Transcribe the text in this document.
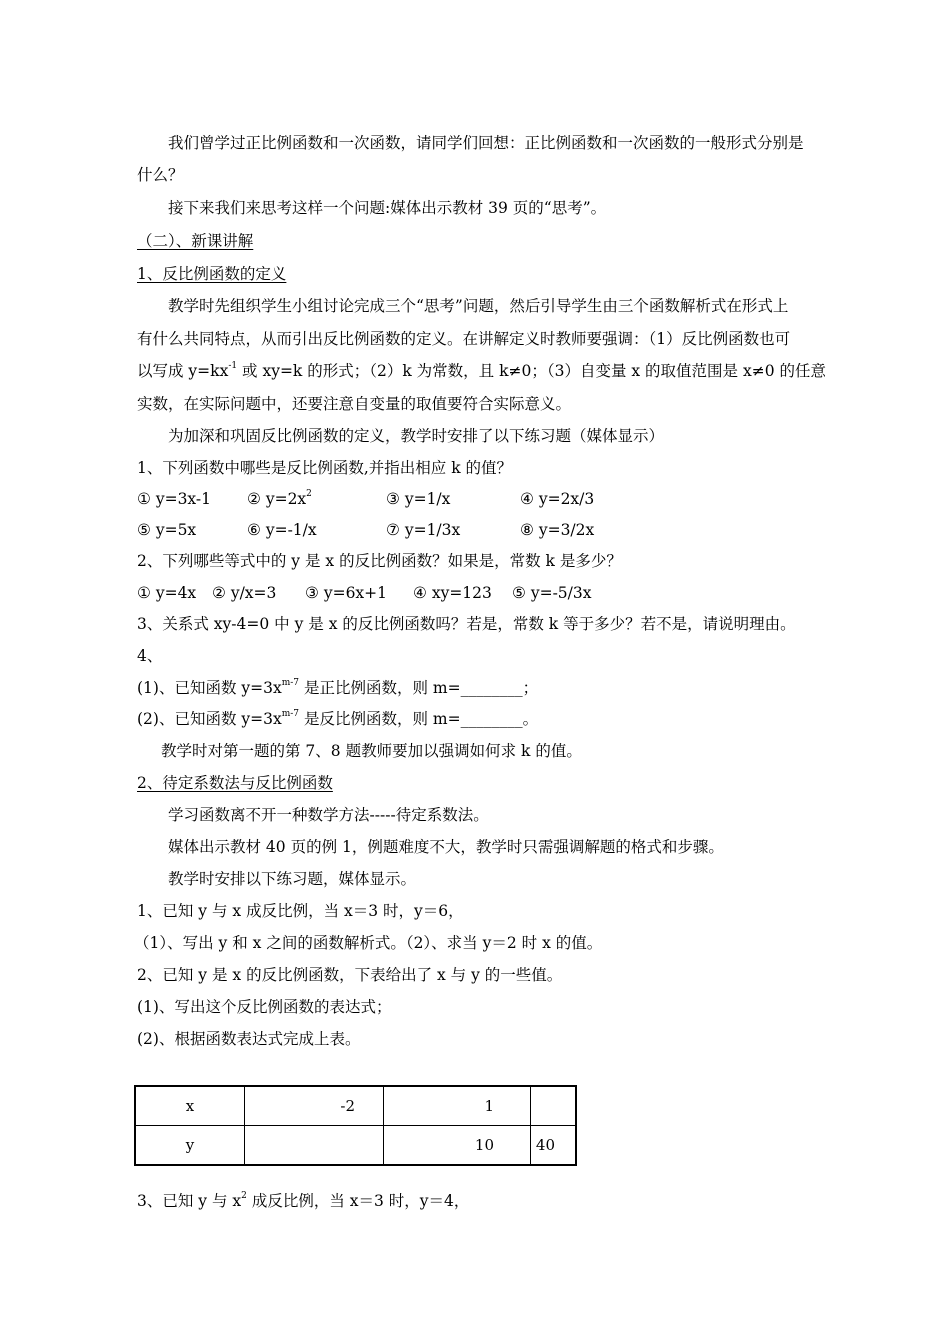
我们曾学过正比例函数和一次函数，请同学们回想：正比例函数和一次函数的一般形式分别是
什么？
接下来我们来思考这样一个问题:媒体出示教材 39 页的“思考”。
（二）、新课讲解
1、反比例函数的定义
教学时先组织学生小组讨论完成三个“思考”问题，然后引导学生由三个函数解析式在形式上
有什么共同特点，从而引出反比例函数的定义。在讲解定义时教师要强调：（1）反比例函数也可
以写成 $y=kx^{-1}$ 或 xy=k 的形式；（2）k 为常数，且 k≠0；（3）自变量 x 的取值范围是 x≠0 的任意
实数，在实际问题中，还要注意自变量的取值要符合实际意义。
为加深和巩固反比例函数的定义，教学时安排了以下练习题（媒体显示）
1、下列函数中哪些是反比例函数,并指出相应 k 的值？
① y=3x-1 ② $y=2x^2$	③ y=1/x	④ y=2x/3
⑤ y=5x	⑥ y=-1/x	⑦ y=1/3x	⑧ y=3/2x
2、下列哪些等式中的 y 是 x 的反比例函数？如果是，常数 k 是多少？
① y=4x ② y/x=3 ③ y=6x+1 ④ xy=123 ⑤ y=-5/3x
3、关系式 xy-4=0 中 y 是 x 的反比例函数吗？若是，常数 k 等于多少？若不是，请说明理由。
4、
(1)、已知函数 $y=3x^{m-7}$ 是正比例函数，则 m=________；
(2)、已知函数 $y=3x^{m-7}$ 是反比例函数，则 m=________。
教学时对第一题的第 7、8 题教师要加以强调如何求 k 的值。
2、待定系数法与反比例函数
学习函数离不开一种数学方法-----待定系数法。
媒体出示教材 40 页的例 1，例题难度不大，教学时只需强调解题的格式和步骤。
教学时安排以下练习题，媒体显示。
1、已知 y 与 x 成反比例，当 x＝3 时，y＝6，
（1）、写出 y 和 x 之间的函数解析式。（2）、求当 y＝2 时 x 的值。
2、已知 y 是 x 的反比例函数，下表给出了 x 与 y 的一些值。
(1)、写出这个反比例函数的表达式；
(2)、根据函数表达式完成上表。
x	-2	1	
y		10	40
3、已知 y 与 $x^2$ 成反比例，当 x＝3 时，y＝4，
